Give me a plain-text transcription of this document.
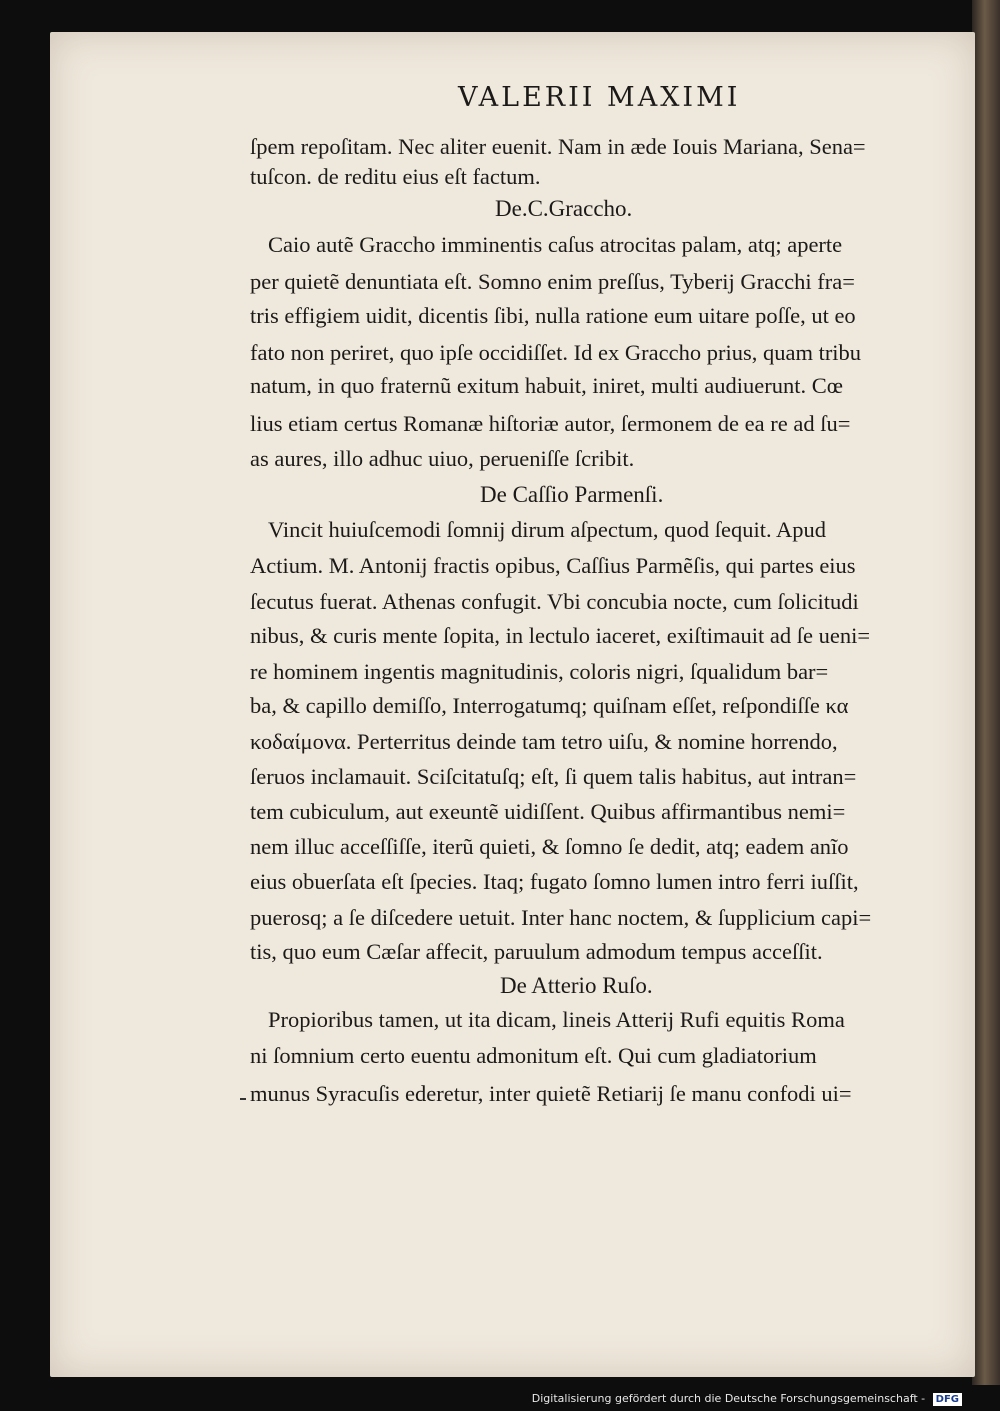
VALERII MAXIMI
ſpem repoſitam. Nec aliter euenit. Nam in æde Iouis Mariana, Sena=
tuſcon. de reditu eius eſt factum.
De.C.Graccho.
Caio autẽ Graccho imminentis caſus atrocitas palam, atq; aperte
per quietẽ denuntiata eſt. Somno enim preſſus, Tyberij Gracchi fra=
tris effigiem uidit, dicentis ſibi, nulla ratione eum uitare poſſe, ut eo
fato non periret, quo ipſe occidiſſet. Id ex Graccho prius, quam tribu
natum, in quo fraternũ exitum habuit, iniret, multi audiuerunt. Cœ
lius etiam certus Romanæ hiſtoriæ autor, ſermonem de ea re ad ſu=
as aures, illo adhuc uiuo, perueniſſe ſcribit.
De Caſſio Parmenſi.
Vincit huiuſcemodi ſomnij dirum aſpectum, quod ſequit. Apud
Actium. M. Antonij fractis opibus, Caſſius Parmẽſis, qui partes eius
ſecutus fuerat. Athenas confugit. Vbi concubia nocte, cum ſolicitudi
nibus, & curis mente ſopita, in lectulo iaceret, exiſtimauit ad ſe ueni=
re hominem ingentis magnitudinis, coloris nigri, ſqualidum bar=
ba, & capillo demiſſo, Interrogatumq; quiſnam eſſet, reſpondiſſe κα
κοδαίμονα. Perterritus deinde tam tetro uiſu, & nomine horrendo,
ſeruos inclamauit. Sciſcitatuſq; eſt, ſi quem talis habitus, aut intran=
tem cubiculum, aut exeuntẽ uidiſſent. Quibus affirmantibus nemi=
nem illuc acceſſiſſe, iterũ quieti, & ſomno ſe dedit, atq; eadem anĩo
eius obuerſata eſt ſpecies. Itaq; fugato ſomno lumen intro ferri iuſſit,
puerosq; a ſe diſcedere uetuit. Inter hanc noctem, & ſupplicium capi=
tis, quo eum Cæſar affecit, paruulum admodum tempus acceſſit.
De Atterio Ruſo.
Propioribus tamen, ut ita dicam, lineis Atterij Rufi equitis Roma
ni ſomnium certo euentu admonitum eſt. Qui cum gladiatorium
munus Syracuſis ederetur, inter quietẽ Retiarij ſe manu confodi ui=
Digitalisierung gefördert durch die Deutsche Forschungsgemeinschaft - DFG
